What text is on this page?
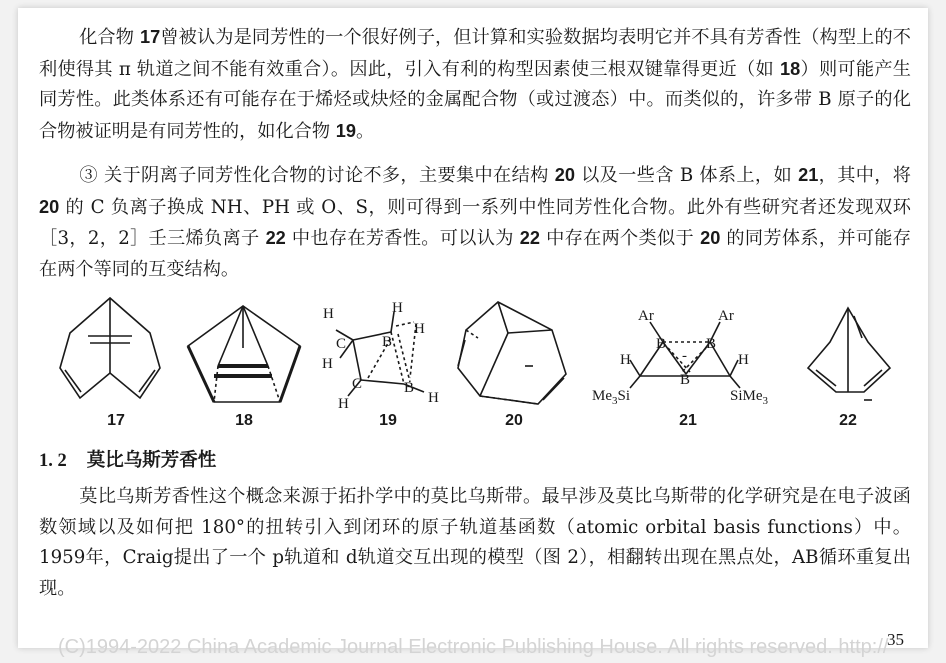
化合物 17曾被认为是同芳性的一个很好例子，但计算和实验数据均表明它并不具有芳香性（构型上的不利使得其 π 轨道之间不能有效重合）。因此，引入有利的构型因素使三根双键靠得更近（如 18）则可能产生同芳性。此类体系还有可能存在于烯烃或炔烃的金属配合物（或过渡态）中。而类似的，许多带 B 原子的化合物被证明是有同芳性的，如化合物 19。
③ 关于阴离子同芳性化合物的讨论不多，主要集中在结构 20 以及一些含 B 体系上，如 21，其中，将 20 的 C 负离子换成 NH、PH 或 O、S，则可得到一系列中性同芳性化合物。此外有些研究者还发现双环［3，2，2］壬三烯负离子 22 中也存在芳香性。可以认为 22 中存在两个类似于 20 的同芳体系，并可能存在两个等同的互变结构。
H	H
H
C B
H
C	B
H	H
Ar	Ar
B	B
-
H	H
B
$Me_3Si$	SiMe$_3$
17	18	19	20	21	22
1. 2 莫比乌斯芳香性
莫比乌斯芳香性这个概念来源于拓扑学中的莫比乌斯带。最早涉及莫比乌斯带的化学研究是在电子波函数领域以及如何把 180°的扭转引入到闭环的原子轨道基函数（atomic orbital basis functions）中。1959年，Craig提出了一个 p轨道和 d轨道交互出现的模型（图 2），相翻转出现在黑点处，AB循环重复出现。
(C)1994-2022 China Academic Journal Electronic Publishing House. All rights reserved. http://
35
